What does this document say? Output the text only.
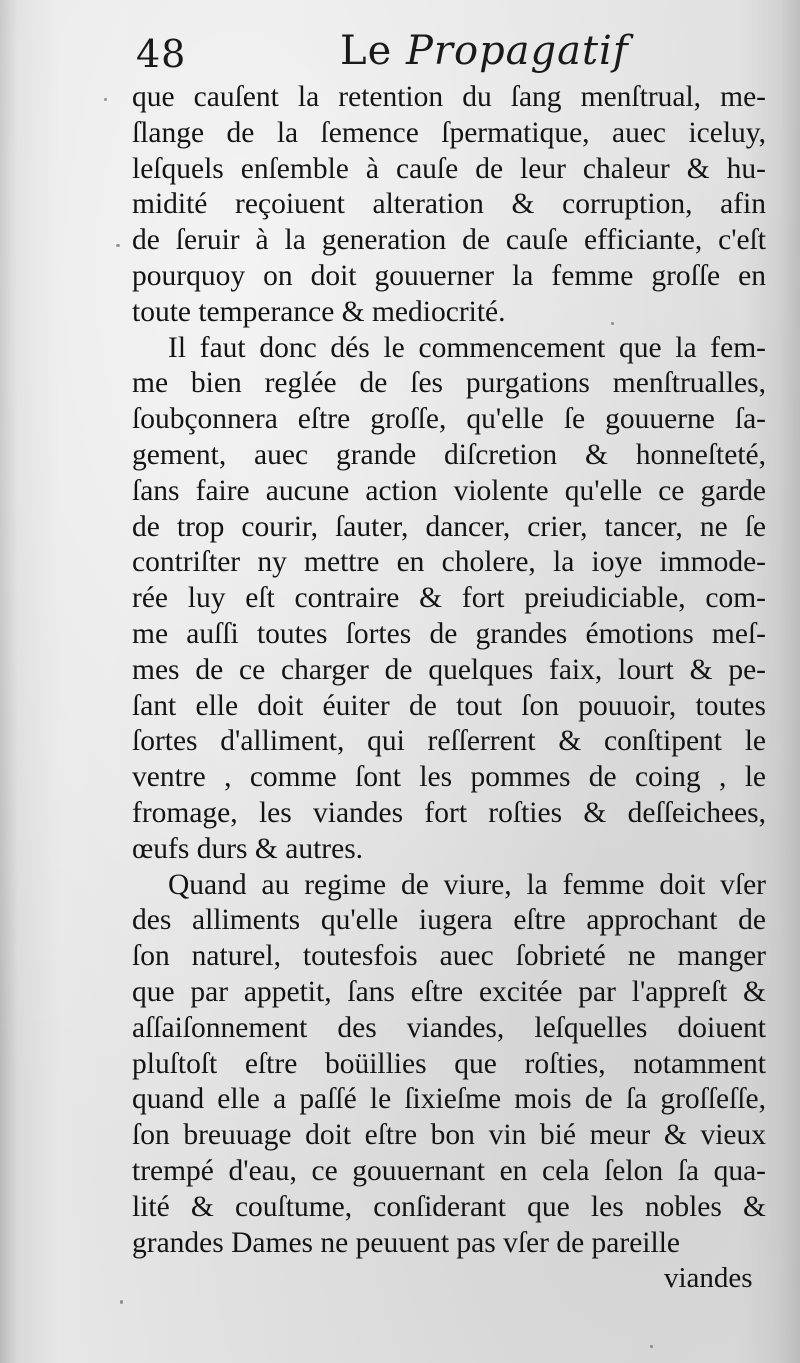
48	Le Propagatif
que cauſent la retention du ſang menſtrual, me-
ſlange de la ſemence ſpermatique, auec iceluy,
leſquels enſemble à cauſe de leur chaleur & hu-
midité reçoiuent alteration & corruption, afin
de ſeruir à la generation de cauſe efficiante, c'eſt
pourquoy on doit gouuerner la femme groſſe en
toute temperance & mediocrité.
Il faut donc dés le commencement que la fem-
me bien reglée de ſes purgations menſtrualles,
ſoubçonnera eſtre groſſe, qu'elle ſe gouuerne ſa-
gement, auec grande diſcretion & honneſteté,
ſans faire aucune action violente qu'elle ce garde
de trop courir, ſauter, dancer, crier, tancer, ne ſe
contriſter ny mettre en cholere, la ioye immode-
rée luy eſt contraire & fort preiudiciable, com-
me auſſi toutes ſortes de grandes émotions meſ-
mes de ce charger de quelques faix, lourt & pe-
ſant elle doit éuiter de tout ſon pouuoir, toutes
ſortes d'alliment, qui reſſerrent & conſtipent le
ventre , comme ſont les pommes de coing , le
fromage, les viandes fort roſties & deſſeichees,
œufs durs & autres.
Quand au regime de viure, la femme doit vſer
des alliments qu'elle iugera eſtre approchant de
ſon naturel, toutesfois auec ſobrieté ne manger
que par appetit, ſans eſtre excitée par l'appreſt &
aſſaiſonnement des viandes, leſquelles doiuent
pluſtoſt eſtre boüillies que roſties, notamment
quand elle a paſſé le ſixieſme mois de ſa groſſeſſe,
ſon breuuage doit eſtre bon vin bié meur & vieux
trempé d'eau, ce gouuernant en cela ſelon ſa qua-
lité & couſtume, conſiderant que les nobles &
grandes Dames ne peuuent pas vſer de pareille
viandes
